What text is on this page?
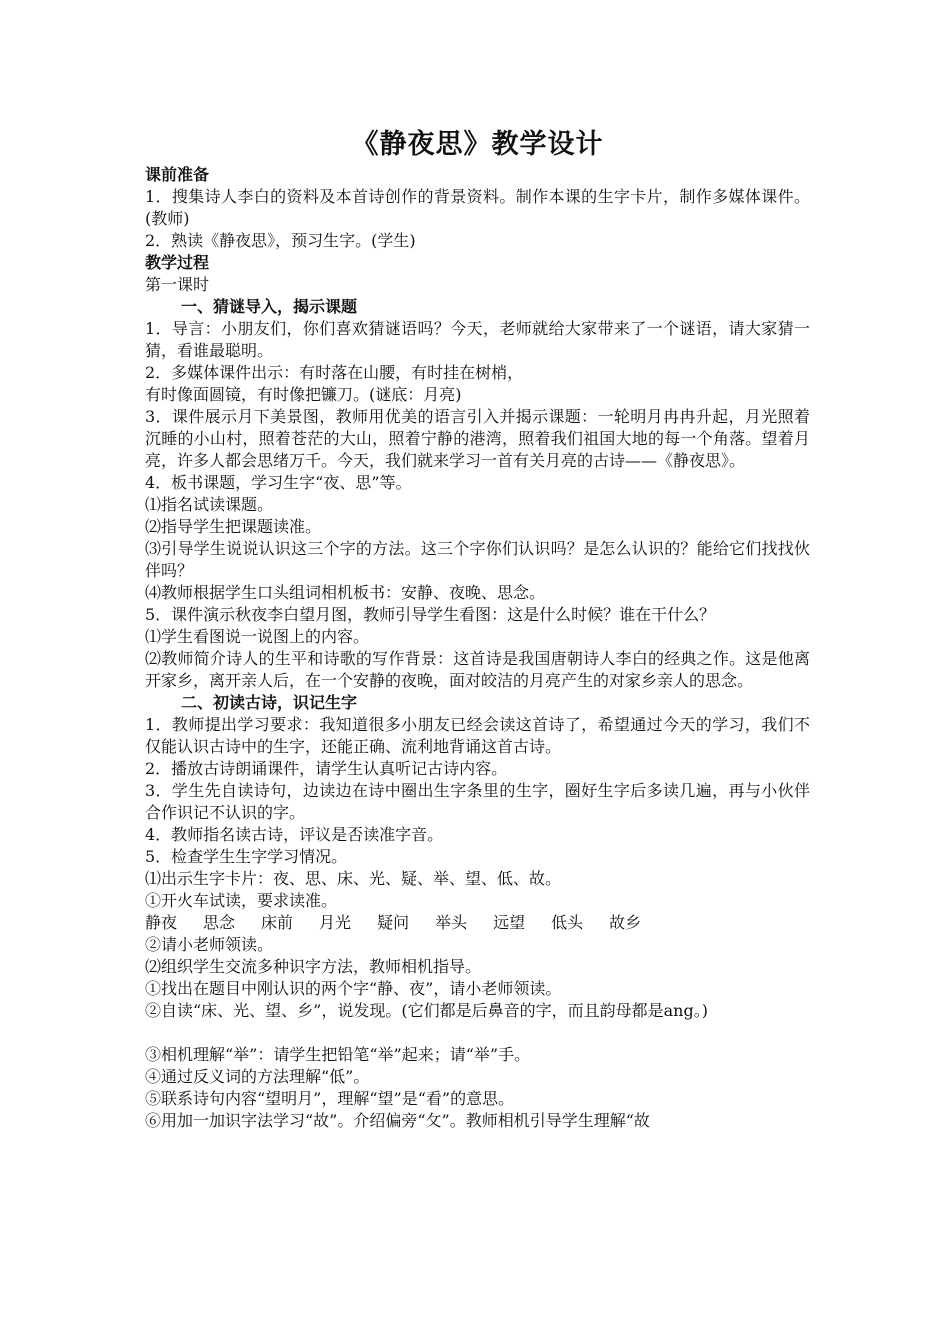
《静夜思》教学设计

课前准备

1．搜集诗人李白的资料及本首诗创作的背景资料。制作本课的生字卡片，制作多媒体课件。(教师)

2．熟读《静夜思》，预习生字。(学生)

教学过程

第一课时

一、猜谜导入，揭示课题

1．导言：小朋友们，你们喜欢猜谜语吗？今天，老师就给大家带来了一个谜语，请大家猜一猜，看谁最聪明。

2．多媒体课件出示：有时落在山腰，有时挂在树梢，

有时像面圆镜，有时像把镰刀。(谜底：月亮)

3．课件展示月下美景图，教师用优美的语言引入并揭示课题：一轮明月冉冉升起，月光照着沉睡的小山村，照着苍茫的大山，照着宁静的港湾，照着我们祖国大地的每一个角落。望着月亮，许多人都会思绪万千。今天，我们就来学习一首有关月亮的古诗——《静夜思》。

4．板书课题，学习生字“夜、思”等。

⑴指名试读课题。

⑵指导学生把课题读准。

⑶引导学生说说认识这三个字的方法。这三个字你们认识吗？是怎么认识的？能给它们找找伙伴吗？

⑷教师根据学生口头组词相机板书：安静、夜晚、思念。

5．课件演示秋夜李白望月图，教师引导学生看图：这是什么时候？谁在干什么？

⑴学生看图说一说图上的内容。

⑵教师简介诗人的生平和诗歌的写作背景：这首诗是我国唐朝诗人李白的经典之作。这是他离开家乡，离开亲人后，在一个安静的夜晚，面对皎洁的月亮产生的对家乡亲人的思念。

二、初读古诗，识记生字

1．教师提出学习要求：我知道很多小朋友已经会读这首诗了，希望通过今天的学习，我们不仅能认识古诗中的生字，还能正确、流利地背诵这首古诗。

2．播放古诗朗诵课件，请学生认真听记古诗内容。

3．学生先自读诗句，边读边在诗中圈出生字条里的生字，圈好生字后多读几遍，再与小伙伴合作识记不认识的字。

4．教师指名读古诗，评议是否读准字音。

5．检查学生生字学习情况。

⑴出示生字卡片：夜、思、床、光、疑、举、望、低、故。

①开火车试读，要求读准。

静夜 思念 床前 月光 疑问 举头 远望 低头 故乡

②请小老师领读。

⑵组织学生交流多种识字方法，教师相机指导。

①找出在题目中刚认识的两个字“静、夜”，请小老师领读。

②自读“床、光、望、乡”，说发现。(它们都是后鼻音的字，而且韵母都是ang。)

③相机理解“举”：请学生把铅笔“举”起来；请“举”手。

④通过反义词的方法理解“低”。

⑤联系诗句内容“望明月”，理解“望”是“看”的意思。

⑥用加一加识字法学习“故”。介绍偏旁“攵”。教师相机引导学生理解“故
